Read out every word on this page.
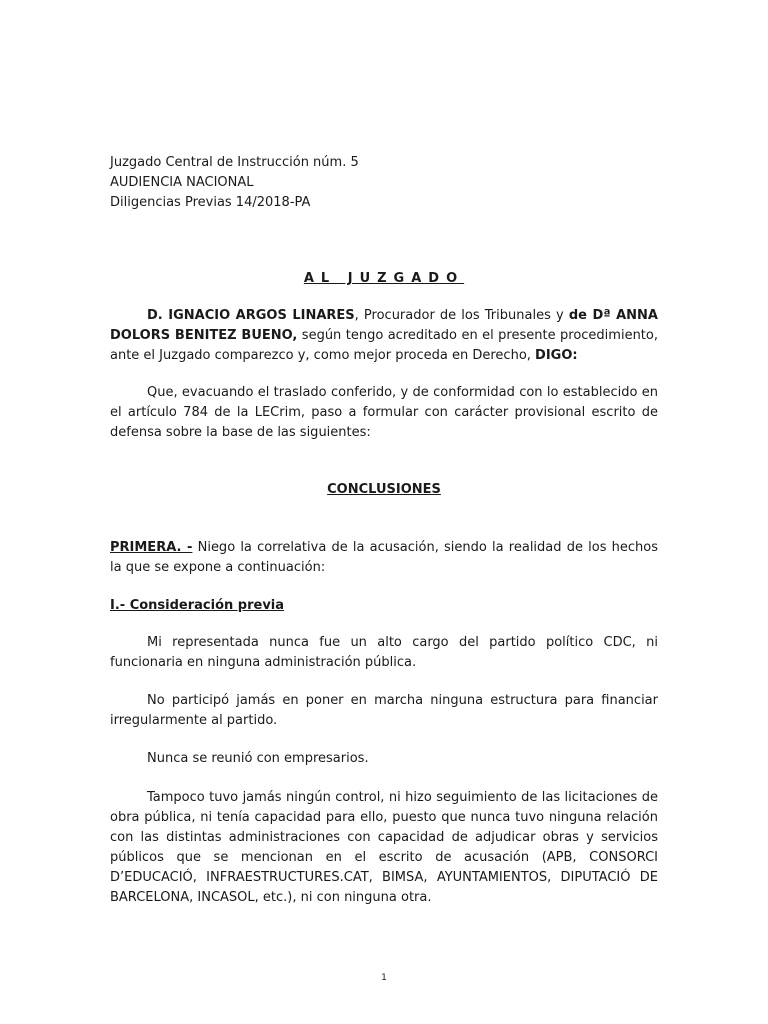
Juzgado Central de Instrucción núm. 5
AUDIENCIA NACIONAL
Diligencias Previas 14/2018-PA
AL JUZGADO
D. IGNACIO ARGOS LINARES, Procurador de los Tribunales y de Dª ANNA DOLORS BENITEZ BUENO, según tengo acreditado en el presente procedimiento, ante el Juzgado comparezco y, como mejor proceda en Derecho, DIGO:
Que, evacuando el traslado conferido, y de conformidad con lo establecido en el artículo 784 de la LECrim, paso a formular con carácter provisional escrito de defensa sobre la base de las siguientes:
CONCLUSIONES
PRIMERA. - Niego la correlativa de la acusación, siendo la realidad de los hechos la que se expone a continuación:
I.- Consideración previa
Mi representada nunca fue un alto cargo del partido político CDC, ni funcionaria en ninguna administración pública.
No participó jamás en poner en marcha ninguna estructura para financiar irregularmente al partido.
Nunca se reunió con empresarios.
Tampoco tuvo jamás ningún control, ni hizo seguimiento de las licitaciones de obra pública, ni tenía capacidad para ello, puesto que nunca tuvo ninguna relación con las distintas administraciones con capacidad de adjudicar obras y servicios públicos que se mencionan en el escrito de acusación (APB, CONSORCI D’EDUCACIÓ, INFRAESTRUCTURES.CAT, BIMSA, AYUNTAMIENTOS, DIPUTACIÓ DE BARCELONA, INCASOL, etc.), ni con ninguna otra.
1
